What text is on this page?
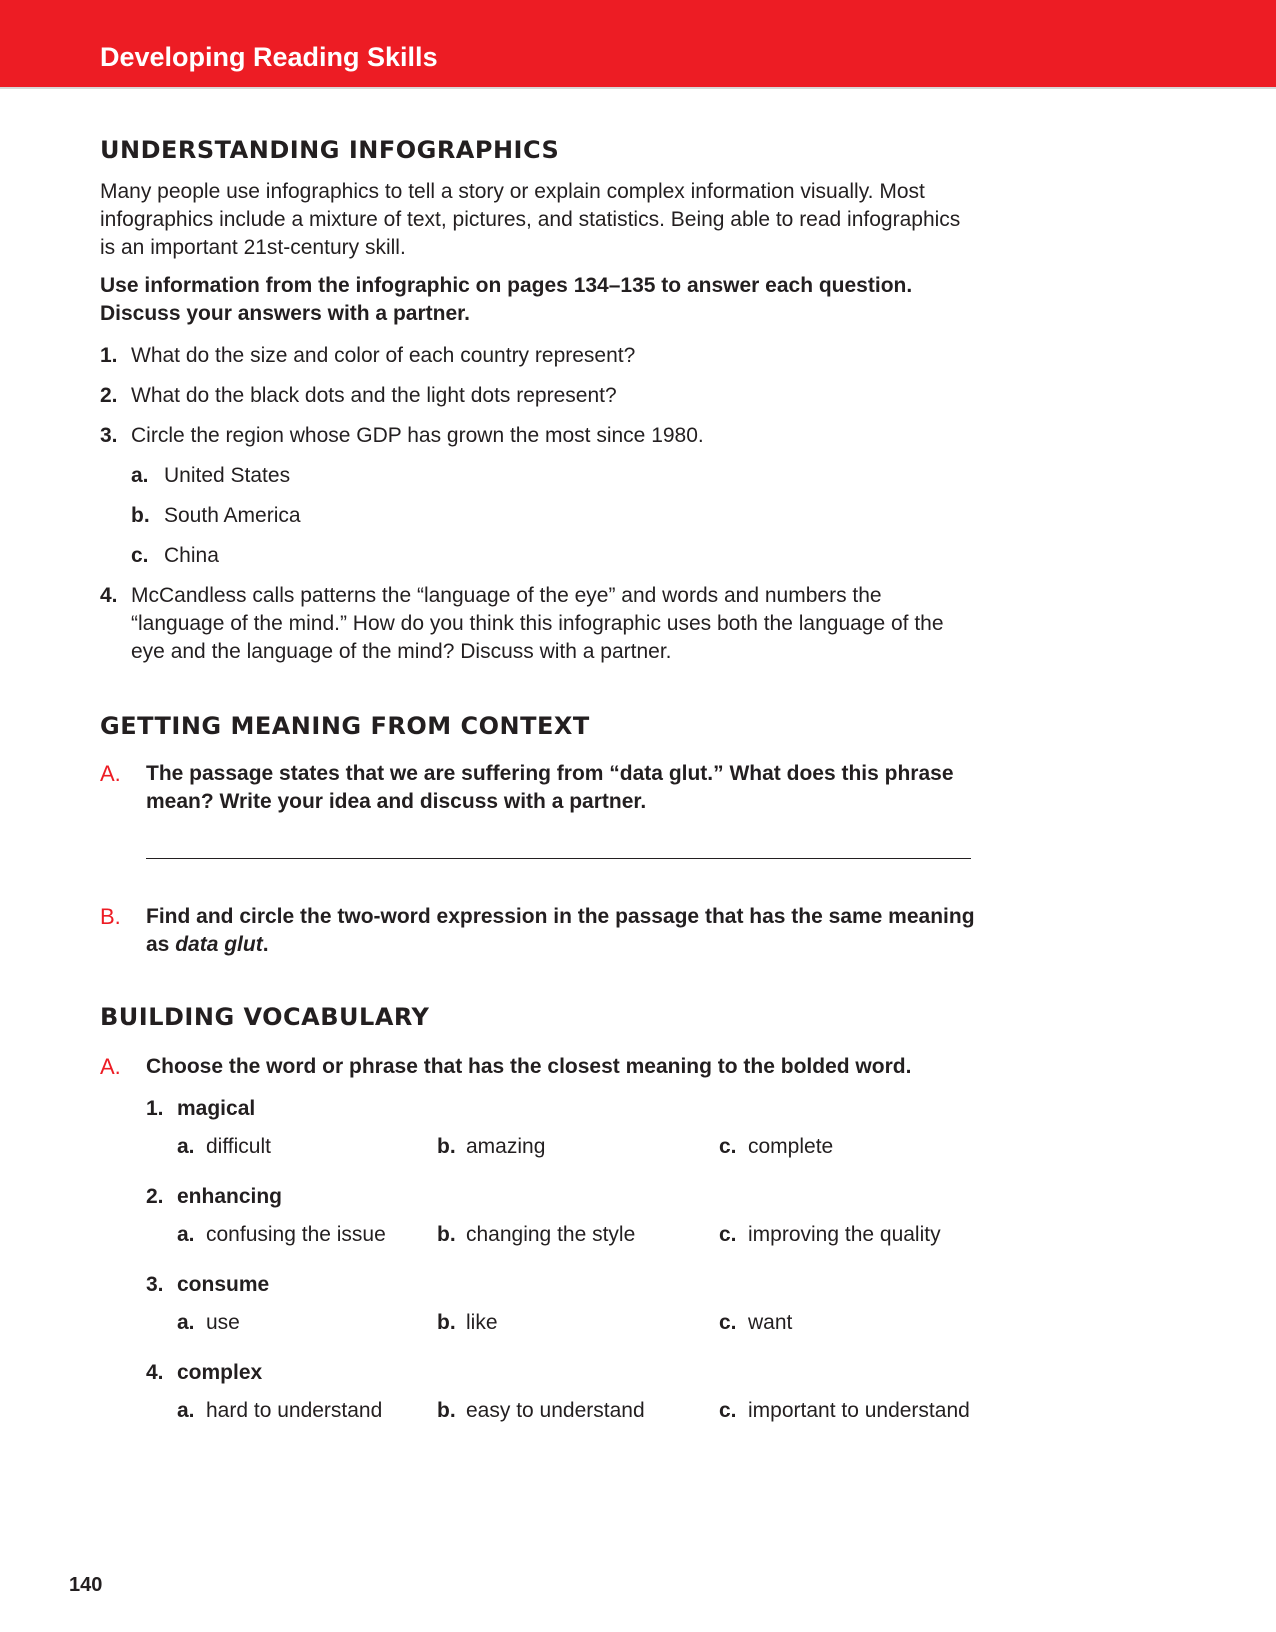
Developing Reading Skills
UNDERSTANDING INFOGRAPHICS
Many people use infographics to tell a story or explain complex information visually. Most infographics include a mixture of text, pictures, and statistics. Being able to read infographics is an important 21st-century skill.
Use information from the infographic on pages 134–135 to answer each question. Discuss your answers with a partner.
1. What do the size and color of each country represent?
2. What do the black dots and the light dots represent?
3. Circle the region whose GDP has grown the most since 1980.
a. United States
b. South America
c. China
4. McCandless calls patterns the “language of the eye” and words and numbers the “language of the mind.” How do you think this infographic uses both the language of the eye and the language of the mind? Discuss with a partner.
GETTING MEANING FROM CONTEXT
A.	The passage states that we are suffering from “data glut.” What does this phrase mean? Write your idea and discuss with a partner.
B.	Find and circle the two-word expression in the passage that has the same meaning as data glut.
BUILDING VOCABULARY
A.	Choose the word or phrase that has the closest meaning to the bolded word.
1. magical
a. difficult	b. amazing	c. complete
2. enhancing
a. confusing the issue b. changing the style	c. improving the quality
3. consume
a. use	b. like	c. want
4. complex
a. hard to understand	b. easy to understand	c. important to understand
140
